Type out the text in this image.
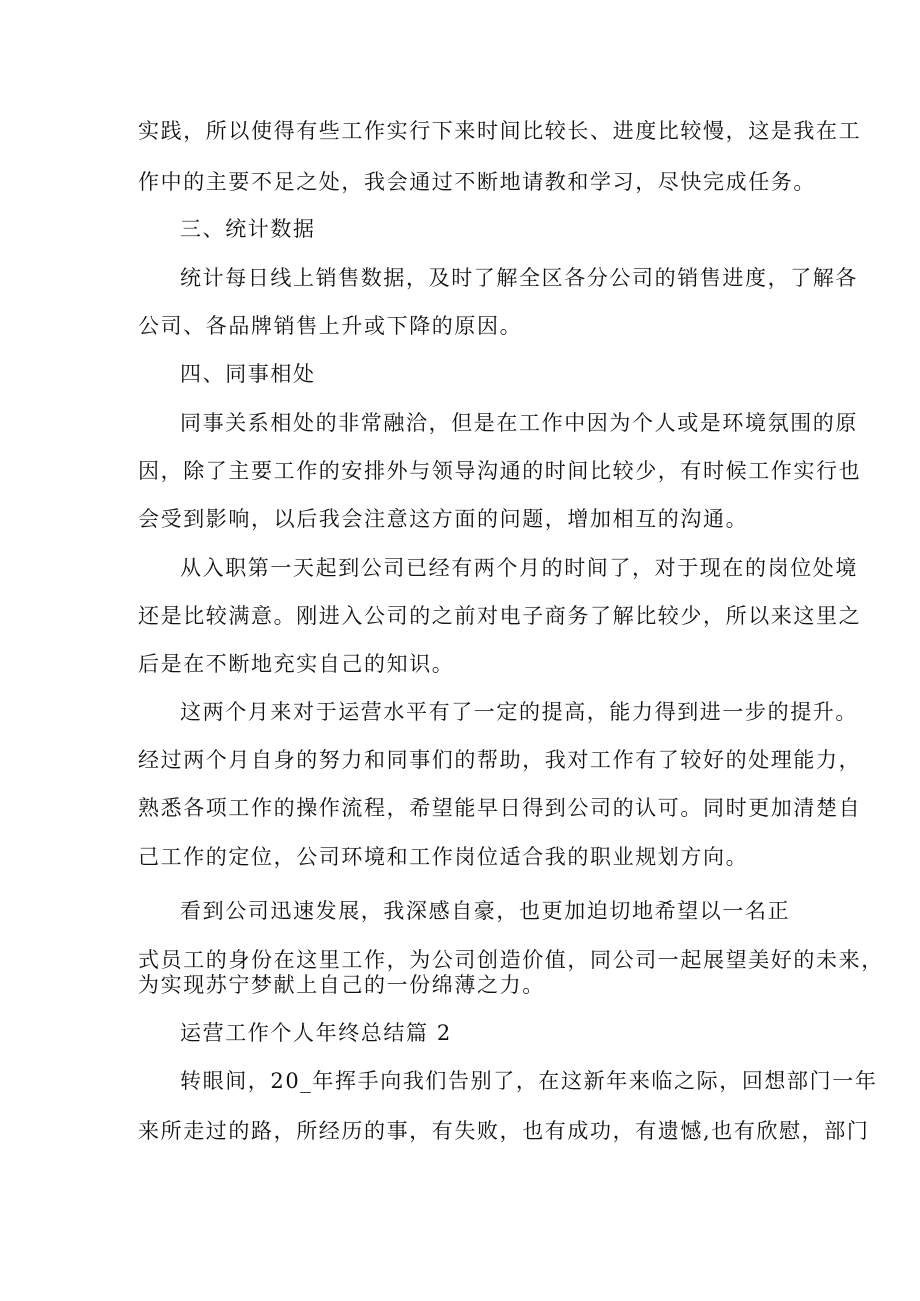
实践，所以使得有些工作实行下来时间比较长、进度比较慢，这是我在工
作中的主要不足之处，我会通过不断地请教和学习，尽快完成任务。
三、统计数据
统计每日线上销售数据，及时了解全区各分公司的销售进度，了解各
公司、各品牌销售上升或下降的原因。
四、同事相处
同事关系相处的非常融洽，但是在工作中因为个人或是环境氛围的原
因，除了主要工作的安排外与领导沟通的时间比较少，有时候工作实行也
会受到影响，以后我会注意这方面的问题，增加相互的沟通。
从入职第一天起到公司已经有两个月的时间了，对于现在的岗位处境
还是比较满意。刚进入公司的之前对电子商务了解比较少，所以来这里之
后是在不断地充实自己的知识。
这两个月来对于运营水平有了一定的提高，能力得到进一步的提升。
经过两个月自身的努力和同事们的帮助，我对工作有了较好的处理能力，
熟悉各项工作的操作流程，希望能早日得到公司的认可。同时更加清楚自
己工作的定位，公司环境和工作岗位适合我的职业规划方向。
看到公司迅速发展，我深感自豪，也更加迫切地希望以一名正
式员工的身份在这里工作，为公司创造价值，同公司一起展望美好的未来，
为实现苏宁梦献上自己的一份绵薄之力。
运营工作个人年终总结篇 2
转眼间，20_年挥手向我们告别了，在这新年来临之际，回想部门一年
来所走过的路，所经历的事，有失败，也有成功，有遗憾,也有欣慰，部门
